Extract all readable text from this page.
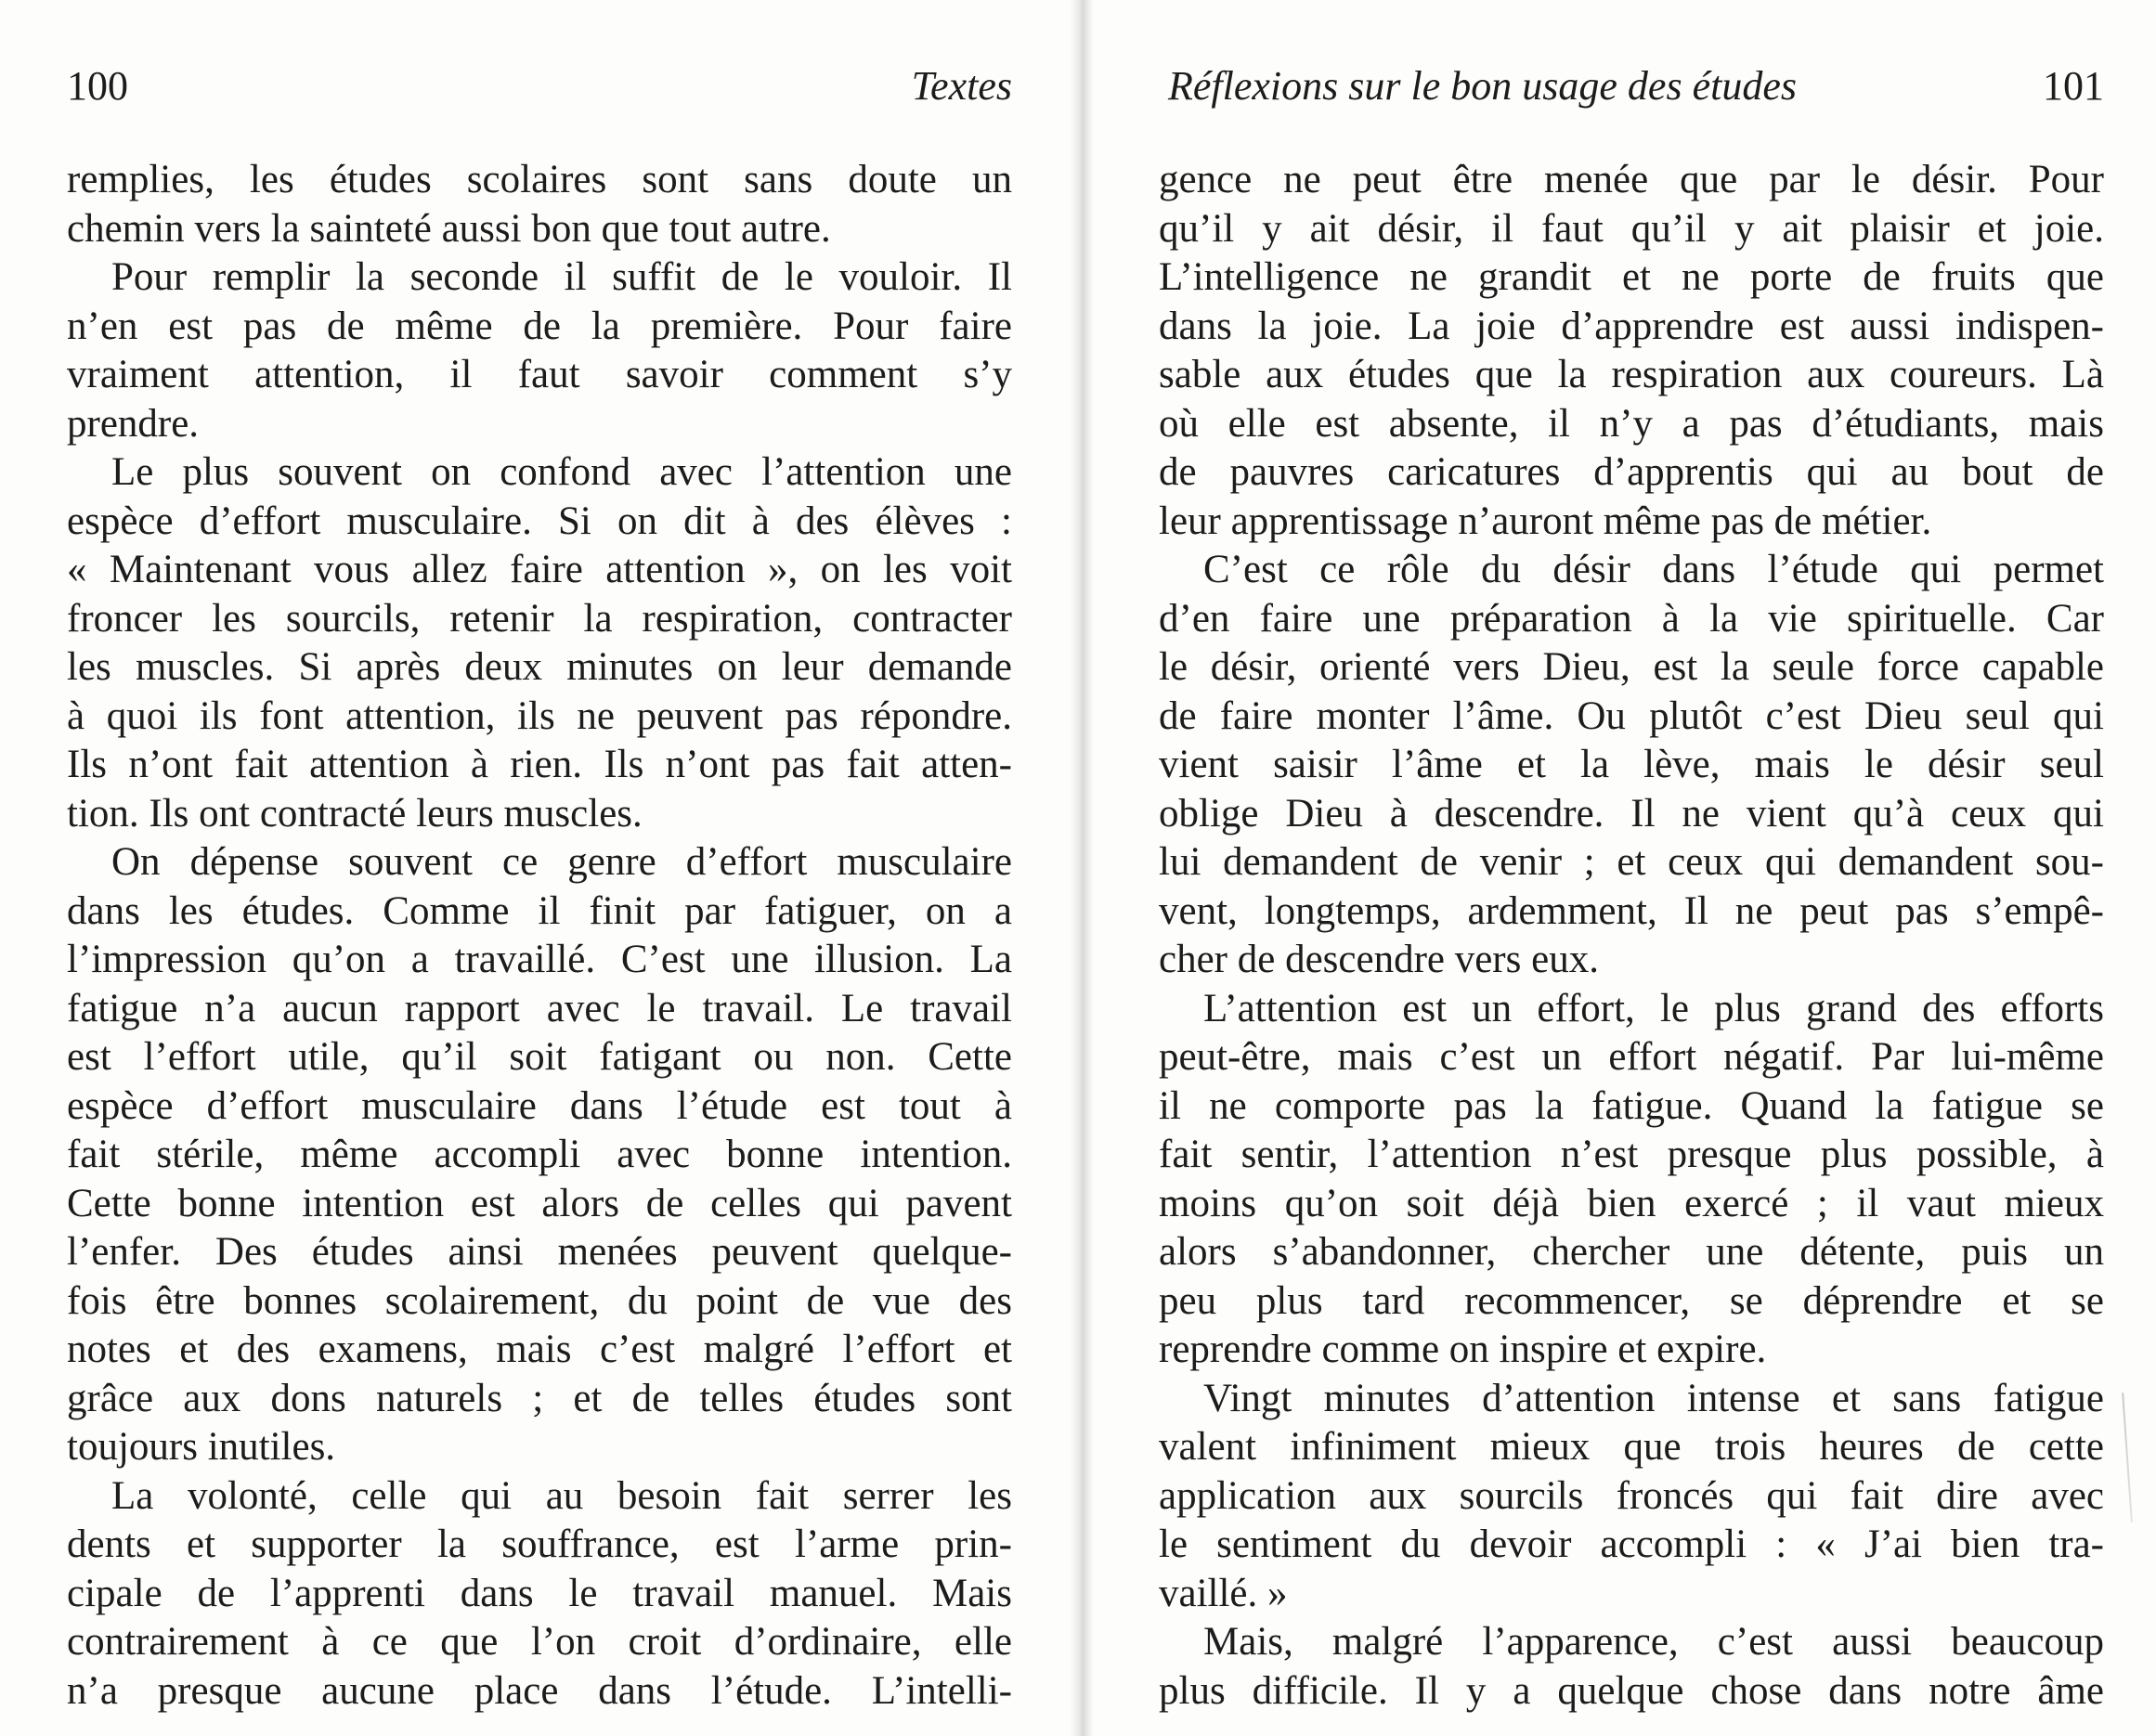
100	Textes
remplies, les études scolaires sont sans doute un
chemin vers la sainteté aussi bon que tout autre.
Pour remplir la seconde il suffit de le vouloir. Il
n’en est pas de même de la première. Pour faire
vraiment attention, il faut savoir comment s’y
prendre.
Le plus souvent on confond avec l’attention une
espèce d’effort musculaire. Si on dit à des élèves :
« Maintenant vous allez faire attention », on les voit
froncer les sourcils, retenir la respiration, contracter
les muscles. Si après deux minutes on leur demande
à quoi ils font attention, ils ne peuvent pas répondre.
Ils n’ont fait attention à rien. Ils n’ont pas fait atten-
tion. Ils ont contracté leurs muscles.
On dépense souvent ce genre d’effort musculaire
dans les études. Comme il finit par fatiguer, on a
l’impression qu’on a travaillé. C’est une illusion. La
fatigue n’a aucun rapport avec le travail. Le travail
est l’effort utile, qu’il soit fatigant ou non. Cette
espèce d’effort musculaire dans l’étude est tout à
fait stérile, même accompli avec bonne intention.
Cette bonne intention est alors de celles qui pavent
l’enfer. Des études ainsi menées peuvent quelque-
fois être bonnes scolairement, du point de vue des
notes et des examens, mais c’est malgré l’effort et
grâce aux dons naturels ; et de telles études sont
toujours inutiles.
La volonté, celle qui au besoin fait serrer les
dents et supporter la souffrance, est l’arme prin-
cipale de l’apprenti dans le travail manuel. Mais
contrairement à ce que l’on croit d’ordinaire, elle
n’a presque aucune place dans l’étude. L’intelli-
Réflexions sur le bon usage des études	101
gence ne peut être menée que par le désir. Pour
qu’il y ait désir, il faut qu’il y ait plaisir et joie.
L’intelligence ne grandit et ne porte de fruits que
dans la joie. La joie d’apprendre est aussi indispen-
sable aux études que la respiration aux coureurs. Là
où elle est absente, il n’y a pas d’étudiants, mais
de pauvres caricatures d’apprentis qui au bout de
leur apprentissage n’auront même pas de métier.
C’est ce rôle du désir dans l’étude qui permet
d’en faire une préparation à la vie spirituelle. Car
le désir, orienté vers Dieu, est la seule force capable
de faire monter l’âme. Ou plutôt c’est Dieu seul qui
vient saisir l’âme et la lève, mais le désir seul
oblige Dieu à descendre. Il ne vient qu’à ceux qui
lui demandent de venir ; et ceux qui demandent sou-
vent, longtemps, ardemment, Il ne peut pas s’empê-
cher de descendre vers eux.
L’attention est un effort, le plus grand des efforts
peut-être, mais c’est un effort négatif. Par lui-même
il ne comporte pas la fatigue. Quand la fatigue se
fait sentir, l’attention n’est presque plus possible, à
moins qu’on soit déjà bien exercé ; il vaut mieux
alors s’abandonner, chercher une détente, puis un
peu plus tard recommencer, se déprendre et se
reprendre comme on inspire et expire.
Vingt minutes d’attention intense et sans fatigue
valent infiniment mieux que trois heures de cette
application aux sourcils froncés qui fait dire avec
le sentiment du devoir accompli : « J’ai bien tra-
vaillé. »
Mais, malgré l’apparence, c’est aussi beaucoup
plus difficile. Il y a quelque chose dans notre âme
